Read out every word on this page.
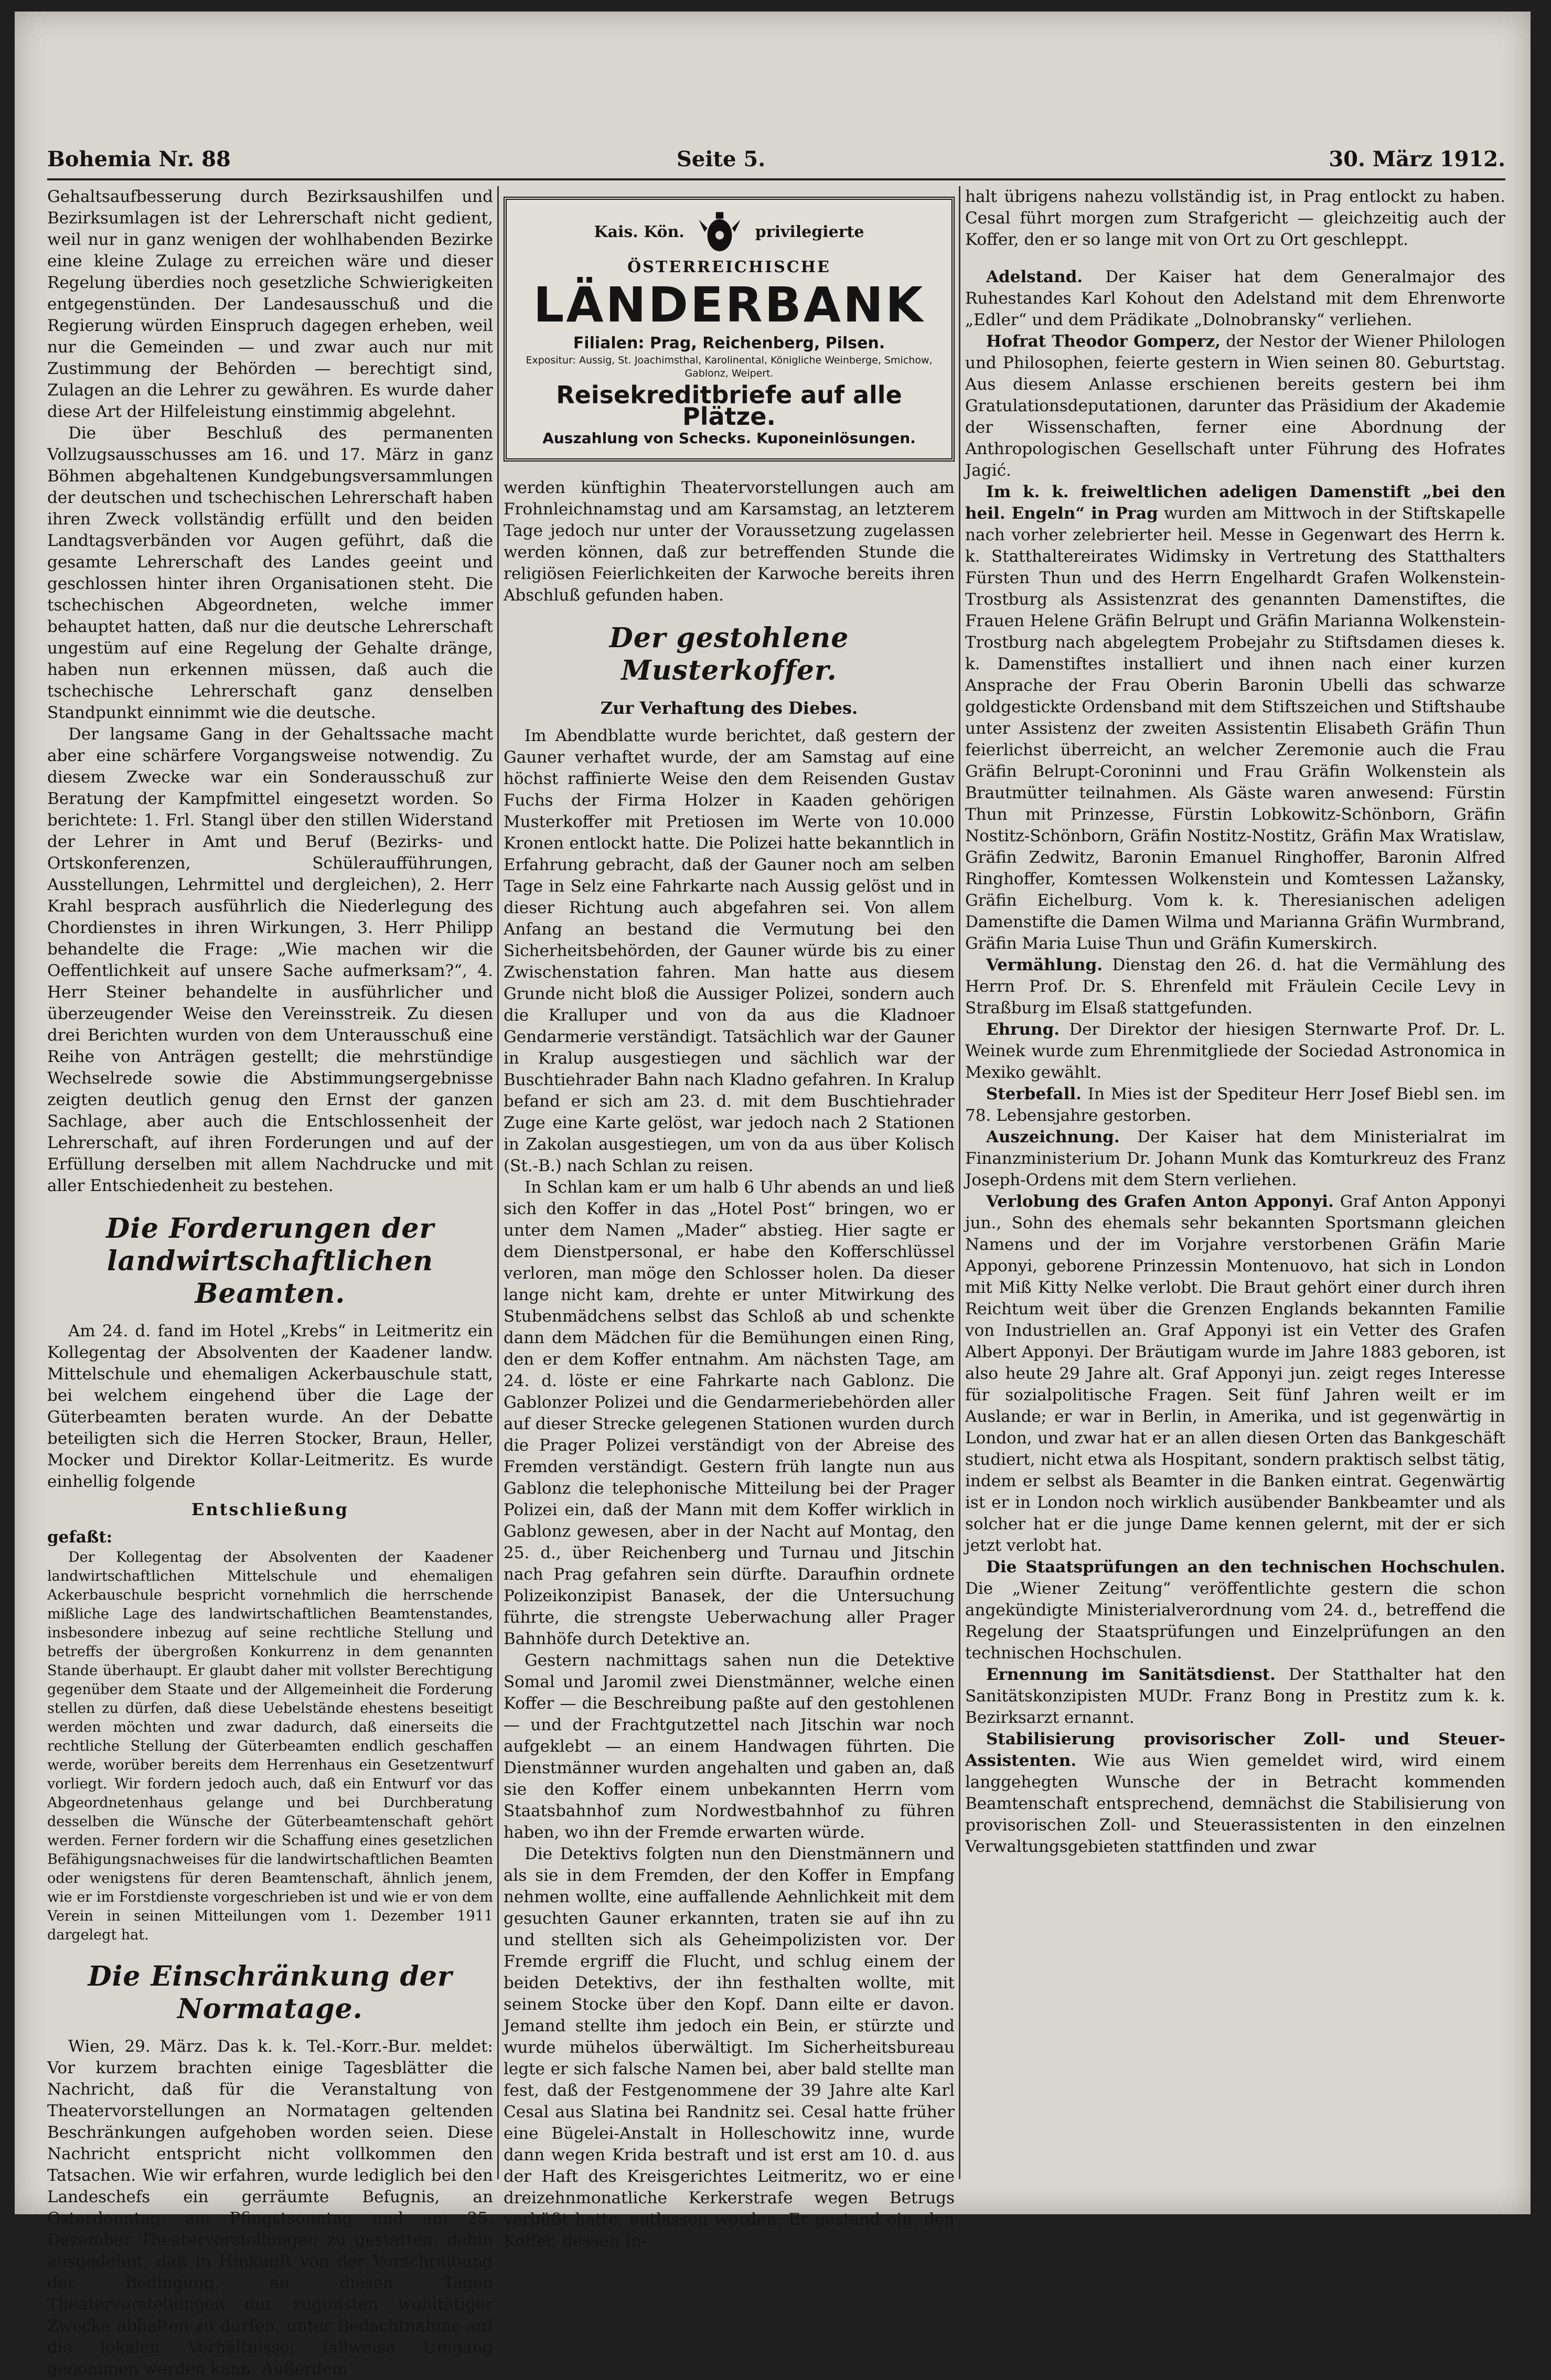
Bohemia Nr. 88	Seite 5.	30. März 1912.

Gehaltsaufbesserung durch Bezirksaushilfen und Bezirksumlagen ist der Lehrerschaft nicht gedient, weil nur in ganz wenigen der wohlhabenden Bezirke eine kleine Zulage zu erreichen wäre und dieser Regelung überdies noch gesetzliche Schwierigkeiten entgegenstünden. Der Landesausschuß und die Regierung würden Einspruch dagegen erheben, weil nur die Gemeinden — und zwar auch nur mit Zustimmung der Behörden — berechtigt sind, Zulagen an die Lehrer zu gewähren. Es wurde daher diese Art der Hilfeleistung einstimmig abgelehnt.

Die über Beschluß des permanenten Vollzugsausschusses am 16. und 17. März in ganz Böhmen abgehaltenen Kundgebungsversammlungen der deutschen und tschechischen Lehrerschaft haben ihren Zweck vollständig erfüllt und den beiden Landtagsverbänden vor Augen geführt, daß die gesamte Lehrerschaft des Landes geeint und geschlossen hinter ihren Organisationen steht. Die tschechischen Abgeordneten, welche immer behauptet hatten, daß nur die deutsche Lehrerschaft ungestüm auf eine Regelung der Gehalte dränge, haben nun erkennen müssen, daß auch die tschechische Lehrerschaft ganz denselben Standpunkt einnimmt wie die deutsche.

Der langsame Gang in der Gehaltssache macht aber eine schärfere Vorgangsweise notwendig. Zu diesem Zwecke war ein Sonderausschuß zur Beratung der Kampfmittel eingesetzt worden. So berichtete: 1. Frl. Stangl über den stillen Widerstand der Lehrer in Amt und Beruf (Bezirks- und Ortskonferenzen, Schüleraufführungen, Ausstellungen, Lehrmittel und dergleichen), 2. Herr Krahl besprach ausführlich die Niederlegung des Chordienstes in ihren Wirkungen, 3. Herr Philipp behandelte die Frage: „Wie machen wir die Oeffentlichkeit auf unsere Sache aufmerksam?“, 4. Herr Steiner behandelte in ausführlicher und überzeugender Weise den Vereinsstreik. Zu diesen drei Berichten wurden von dem Unterausschuß eine Reihe von Anträgen gestellt; die mehrstündige Wechselrede sowie die Abstimmungsergebnisse zeigten deutlich genug den Ernst der ganzen Sachlage, aber auch die Entschlossenheit der Lehrerschaft, auf ihren Forderungen und auf der Erfüllung derselben mit allem Nachdrucke und mit aller Entschiedenheit zu bestehen.

Die Forderungen der landwirtschaftlichen Beamten.

Am 24. d. fand im Hotel „Krebs“ in Leitmeritz ein Kollegentag der Absolventen der Kaadener landw. Mittelschule und ehemaligen Ackerbauschule statt, bei welchem eingehend über die Lage der Güterbeamten beraten wurde. An der Debatte beteiligten sich die Herren Stocker, Braun, Heller, Mocker und Direktor Kollar-Leitmeritz. Es wurde einhellig folgende

Entschließung

gefaßt:

Der Kollegentag der Absolventen der Kaadener landwirtschaftlichen Mittelschule und ehemaligen Ackerbauschule bespricht vornehmlich die herrschende mißliche Lage des landwirtschaftlichen Beamtenstandes, insbesondere inbezug auf seine rechtliche Stellung und betreffs der übergroßen Konkurrenz in dem genannten Stande überhaupt. Er glaubt daher mit vollster Berechtigung gegenüber dem Staate und der Allgemeinheit die Forderung stellen zu dürfen, daß diese Uebelstände ehestens beseitigt werden möchten und zwar dadurch, daß einerseits die rechtliche Stellung der Güterbeamten endlich geschaffen werde, worüber bereits dem Herrenhaus ein Gesetzentwurf vorliegt. Wir fordern jedoch auch, daß ein Entwurf vor das Abgeordnetenhaus gelange und bei Durchberatung desselben die Wünsche der Güterbeamtenschaft gehört werden. Ferner fordern wir die Schaffung eines gesetzlichen Befähigungsnachweises für die landwirtschaftlichen Beamten oder wenigstens für deren Beamtenschaft, ähnlich jenem, wie er im Forstdienste vorgeschrieben ist und wie er von dem Verein in seinen Mitteilungen vom 1. Dezember 1911 dargelegt hat.

Die Einschränkung der Normatage.

Wien, 29. März. Das k. k. Tel.-Korr.-Bur. meldet: Vor kurzem brachten einige Tagesblätter die Nachricht, daß für die Veranstaltung von Theatervorstellungen an Normatagen geltenden Beschränkungen aufgehoben worden seien. Diese Nachricht entspricht nicht vollkommen den Tatsachen. Wie wir erfahren, wurde lediglich bei den Landeschefs ein gerräumte Befugnis, an Osterdonntag, am Pfingstsonntag und am 25. Dezember Theatervorstellungen zu gestatten, dahin ausgedehnt, daß in Hinkunft von der Vorschreibung der Bedingung, an diesen Tagen Theatervorstellungen nur zugunsten wohltätiger Zwecke abhalten zu dürfen, unter Bedachtnahme auf die lokalen Verhältnisse, fallweise Umgang genommen werden kann. Außerdem

Kais. Kön.	privilegierte
ÖSTERREICHISCHE
LÄNDERBANK
Filialen: Prag, Reichenberg, Pilsen.
Expositur: Aussig, St. Joachimsthal, Karolinental, Königliche Weinberge, Smichow, Gablonz, Weipert.
Reisekreditbriefe auf alle Plätze.
Auszahlung von Schecks. Kuponeinlösungen.

werden künftighin Theatervorstellungen auch am Frohnleichnamstag und am Karsamstag, an letzterem Tage jedoch nur unter der Voraussetzung zugelassen werden können, daß zur betreffenden Stunde die religiösen Feierlichkeiten der Karwoche bereits ihren Abschluß gefunden haben.

Der gestohlene Musterkoffer.
Zur Verhaftung des Diebes.

Im Abendblatte wurde berichtet, daß gestern der Gauner verhaftet wurde, der am Samstag auf eine höchst raffinierte Weise den dem Reisenden Gustav Fuchs der Firma Holzer in Kaaden gehörigen Musterkoffer mit Pretiosen im Werte von 10.000 Kronen entlockt hatte. Die Polizei hatte bekanntlich in Erfahrung gebracht, daß der Gauner noch am selben Tage in Selz eine Fahrkarte nach Aussig gelöst und in dieser Richtung auch abgefahren sei. Von allem Anfang an bestand die Vermutung bei den Sicherheitsbehörden, der Gauner würde bis zu einer Zwischenstation fahren. Man hatte aus diesem Grunde nicht bloß die Aussiger Polizei, sondern auch die Kralluper und von da aus die Kladnoer Gendarmerie verständigt. Tatsächlich war der Gauner in Kralup ausgestiegen und sächlich war der Buschtiehrader Bahn nach Kladno gefahren. In Kralup befand er sich am 23. d. mit dem Buschtiehrader Zuge eine Karte gelöst, war jedoch nach 2 Stationen in Zakolan ausgestiegen, um von da aus über Kolisch (St.-B.) nach Schlan zu reisen.

In Schlan kam er um halb 6 Uhr abends an und ließ sich den Koffer in das „Hotel Post“ bringen, wo er unter dem Namen „Mader“ abstieg. Hier sagte er dem Dienstpersonal, er habe den Kofferschlüssel verloren, man möge den Schlosser holen. Da dieser lange nicht kam, drehte er unter Mitwirkung des Stubenmädchens selbst das Schloß ab und schenkte dann dem Mädchen für die Bemühungen einen Ring, den er dem Koffer entnahm. Am nächsten Tage, am 24. d. löste er eine Fahrkarte nach Gablonz. Die Gablonzer Polizei und die Gendarmeriebehörden aller auf dieser Strecke gelegenen Stationen wurden durch die Prager Polizei verständigt von der Abreise des Fremden verständigt. Gestern früh langte nun aus Gablonz die telephonische Mitteilung bei der Prager Polizei ein, daß der Mann mit dem Koffer wirklich in Gablonz gewesen, aber in der Nacht auf Montag, den 25. d., über Reichenberg und Turnau und Jitschin nach Prag gefahren sein dürfte. Daraufhin ordnete Polizeikonzipist Banasek, der die Untersuchung führte, die strengste Ueberwachung aller Prager Bahnhöfe durch Detektive an.

Gestern nachmittags sahen nun die Detektive Somal und Jaromil zwei Dienstmänner, welche einen Koffer — die Beschreibung paßte auf den gestohlenen — und der Frachtgutzettel nach Jitschin war noch aufgeklebt — an einem Handwagen führten. Die Dienstmänner wurden angehalten und gaben an, daß sie den Koffer einem unbekannten Herrn vom Staatsbahnhof zum Nordwestbahnhof zu führen haben, wo ihn der Fremde erwarten würde.

Die Detektivs folgten nun den Dienstmännern und als sie in dem Fremden, der den Koffer in Empfang nehmen wollte, eine auffallende Aehnlichkeit mit dem gesuchten Gauner erkannten, traten sie auf ihn zu und stellten sich als Geheimpolizisten vor. Der Fremde ergriff die Flucht, und schlug einem der beiden Detektivs, der ihn festhalten wollte, mit seinem Stocke über den Kopf. Dann eilte er davon. Jemand stellte ihm jedoch ein Bein, er stürzte und wurde mühelos überwältigt. Im Sicherheitsbureau legte er sich falsche Namen bei, aber bald stellte man fest, daß der Festgenommene der 39 Jahre alte Karl Cesal aus Slatina bei Randnitz sei. Cesal hatte früher eine Bügelei-Anstalt in Holleschowitz inne, wurde dann wegen Krida bestraft und ist erst am 10. d. aus der Haft des Kreisgerichtes Leitmeritz, wo er eine dreizehnmonatliche Kerkerstrafe wegen Betrugs verbüßt hatte, entlassen worden. Er gestand ein, den Koffer, dessen In-

halt übrigens nahezu vollständig ist, in Prag entlockt zu haben. Cesal führt morgen zum Strafgericht — gleichzeitig auch der Koffer, den er so lange mit von Ort zu Ort geschleppt.

Adelstand. Der Kaiser hat dem Generalmajor des Ruhestandes Karl Kohout den Adelstand mit dem Ehrenworte „Edler“ und dem Prädikate „Dolnobransky“ verliehen.

Hofrat Theodor Gomperz, der Nestor der Wiener Philologen und Philosophen, feierte gestern in Wien seinen 80. Geburtstag. Aus diesem Anlasse erschienen bereits gestern bei ihm Gratulationsdeputationen, darunter das Präsidium der Akademie der Wissenschaften, ferner eine Abordnung der Anthropologischen Gesellschaft unter Führung des Hofrates Jagić.

Im k. k. freiweltlichen adeligen Damenstift „bei den heil. Engeln“ in Prag wurden am Mittwoch in der Stiftskapelle nach vorher zelebrierter heil. Messe in Gegenwart des Herrn k. k. Statthaltereirates Widimsky in Vertretung des Statthalters Fürsten Thun und des Herrn Engelhardt Grafen Wolkenstein-Trostburg als Assistenzrat des genannten Damenstiftes, die Frauen Helene Gräfin Belrupt und Gräfin Marianna Wolkenstein-Trostburg nach abgelegtem Probejahr zu Stiftsdamen dieses k. k. Damenstiftes installiert und ihnen nach einer kurzen Ansprache der Frau Oberin Baronin Ubelli das schwarze goldgestickte Ordensband mit dem Stiftszeichen und Stiftshaube unter Assistenz der zweiten Assistentin Elisabeth Gräfin Thun feierlichst überreicht, an welcher Zeremonie auch die Frau Gräfin Belrupt-Coroninni und Frau Gräfin Wolkenstein als Brautmütter teilnahmen. Als Gäste waren anwesend: Fürstin Thun mit Prinzesse, Fürstin Lobkowitz-Schönborn, Gräfin Nostitz-Schönborn, Gräfin Nostitz-Nostitz, Gräfin Max Wratislaw, Gräfin Zedwitz, Baronin Emanuel Ringhoffer, Baronin Alfred Ringhoffer, Komtessen Wolkenstein und Komtessen Lažansky, Gräfin Eichelburg. Vom k. k. Theresianischen adeligen Damenstifte die Damen Wilma und Marianna Gräfin Wurmbrand, Gräfin Maria Luise Thun und Gräfin Kumerskirch.

Vermählung. Dienstag den 26. d. hat die Vermählung des Herrn Prof. Dr. S. Ehrenfeld mit Fräulein Cecile Levy in Straßburg im Elsaß stattgefunden.

Ehrung. Der Direktor der hiesigen Sternwarte Prof. Dr. L. Weinek wurde zum Ehrenmitgliede der Sociedad Astronomica in Mexiko gewählt.

Sterbefall. In Mies ist der Spediteur Herr Josef Biebl sen. im 78. Lebensjahre gestorben.

Auszeichnung. Der Kaiser hat dem Ministerialrat im Finanzministerium Dr. Johann Munk das Komturkreuz des Franz Joseph-Ordens mit dem Stern verliehen.

Verlobung des Grafen Anton Apponyi. Graf Anton Apponyi jun., Sohn des ehemals sehr bekannten Sportsmann gleichen Namens und der im Vorjahre verstorbenen Gräfin Marie Apponyi, geborene Prinzessin Montenuovo, hat sich in London mit Miß Kitty Nelke verlobt. Die Braut gehört einer durch ihren Reichtum weit über die Grenzen Englands bekannten Familie von Industriellen an. Graf Apponyi ist ein Vetter des Grafen Albert Apponyi. Der Bräutigam wurde im Jahre 1883 geboren, ist also heute 29 Jahre alt. Graf Apponyi jun. zeigt reges Interesse für sozialpolitische Fragen. Seit fünf Jahren weilt er im Auslande; er war in Berlin, in Amerika, und ist gegenwärtig in London, und zwar hat er an allen diesen Orten das Bankgeschäft studiert, nicht etwa als Hospitant, sondern praktisch selbst tätig, indem er selbst als Beamter in die Banken eintrat. Gegenwärtig ist er in London noch wirklich ausübender Bankbeamter und als solcher hat er die junge Dame kennen gelernt, mit der er sich jetzt verlobt hat.

Die Staatsprüfungen an den technischen Hochschulen. Die „Wiener Zeitung“ veröffentlichte gestern die schon angekündigte Ministerialverordnung vom 24. d., betreffend die Regelung der Staatsprüfungen und Einzelprüfungen an den technischen Hochschulen.

Ernennung im Sanitätsdienst. Der Statthalter hat den Sanitätskonzipisten MUDr. Franz Bong in Prestitz zum k. k. Bezirksarzt ernannt.

Stabilisierung provisorischer Zoll- und Steuer-Assistenten. Wie aus Wien gemeldet wird, wird einem langgehegten Wunsche der in Betracht kommenden Beamtenschaft entsprechend, demnächst die Stabilisierung von provisorischen Zoll- und Steuerassistenten in den einzelnen Verwaltungsgebieten stattfinden und zwar
